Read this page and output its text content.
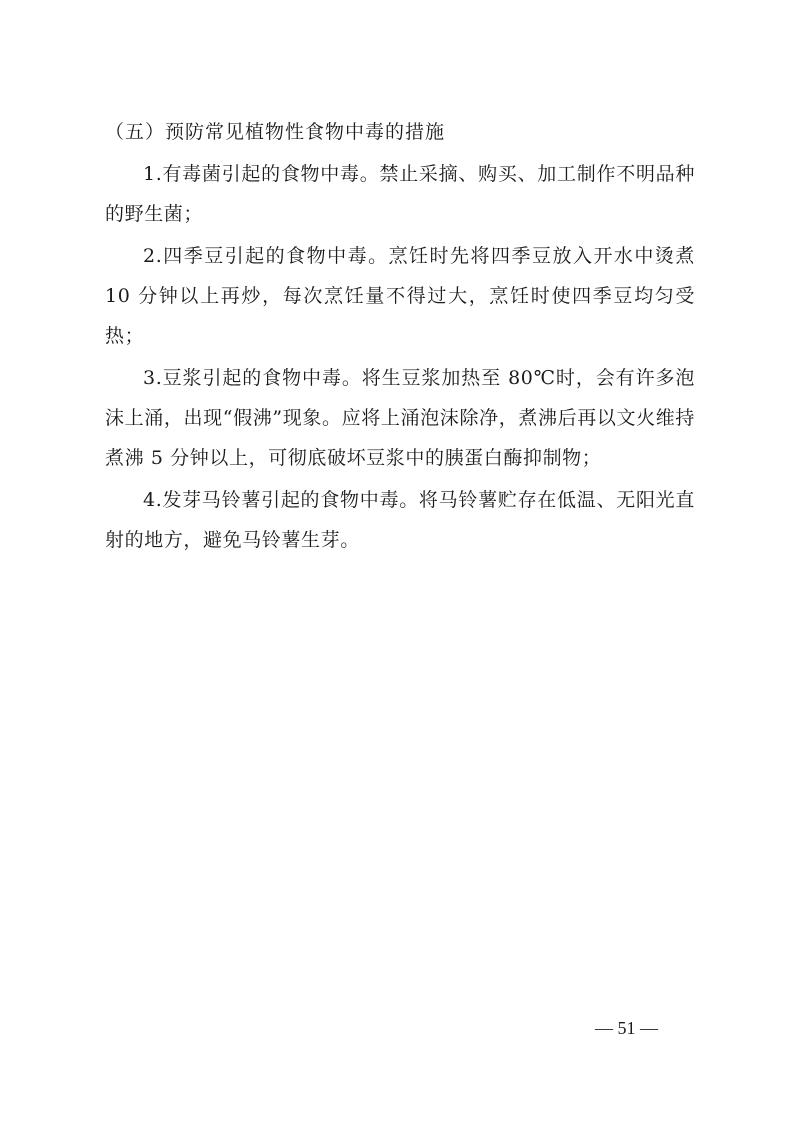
（五）预防常见植物性食物中毒的措施

1.有毒菌引起的食物中毒。禁止采摘、购买、加工制作不明品种的野生菌；

2.四季豆引起的食物中毒。烹饪时先将四季豆放入开水中烫煮 10 分钟以上再炒，每次烹饪量不得过大，烹饪时使四季豆均匀受热；

3.豆浆引起的食物中毒。将生豆浆加热至 80℃时，会有许多泡沫上涌，出现“假沸”现象。应将上涌泡沫除净，煮沸后再以文火维持煮沸 5 分钟以上，可彻底破坏豆浆中的胰蛋白酶抑制物；

4.发芽马铃薯引起的食物中毒。将马铃薯贮存在低温、无阳光直射的地方，避免马铃薯生芽。

— 51 —
